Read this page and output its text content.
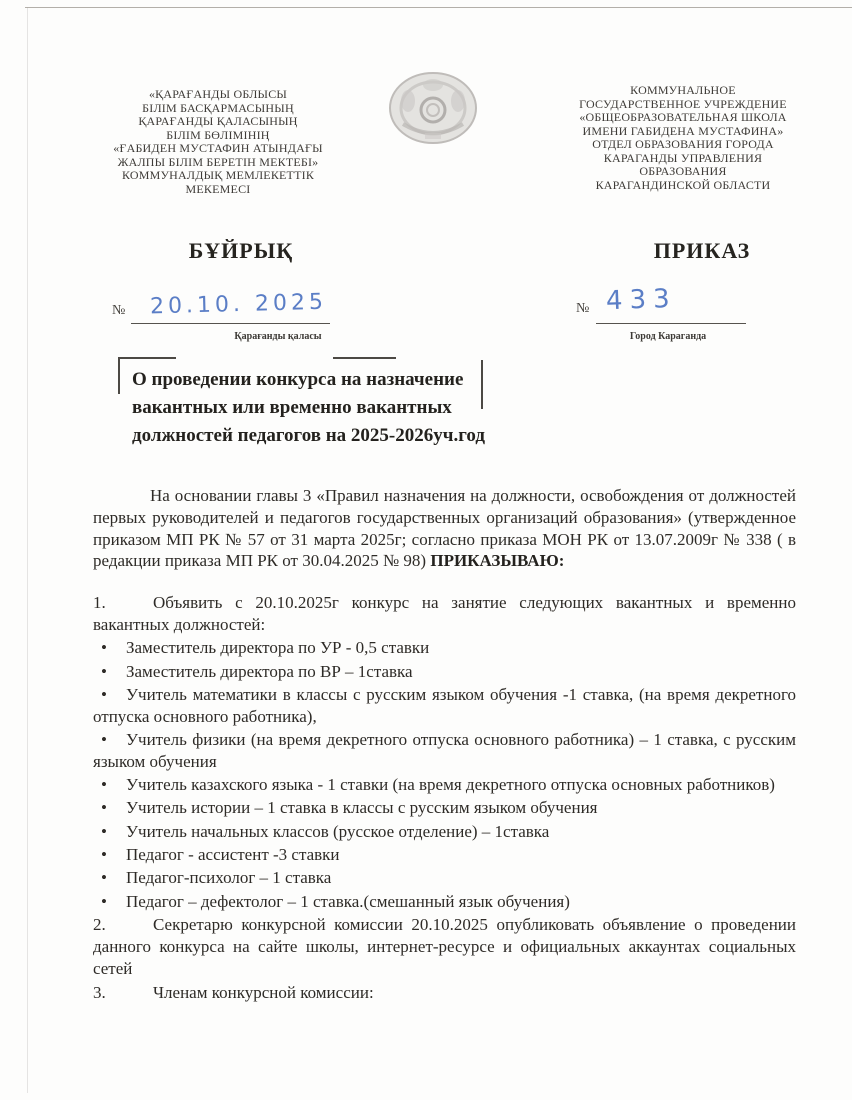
«ҚАРАҒАНДЫ ОБЛЫСЫ
БІЛІМ БАСҚАРМАСЫНЫҢ
ҚАРАҒАНДЫ ҚАЛАСЫНЫҢ
БІЛІМ БӨЛІМІНІҢ
«ҒАБИДЕН МУСТАФИН АТЫНДАҒЫ
ЖАЛПЫ БІЛІМ БЕРЕТІН МЕКТЕБІ»
КОММУНАЛДЫҚ МЕМЛЕКЕТТІК
МЕКЕМЕСІ
КОММУНАЛЬНОЕ
ГОСУДАРСТВЕННОЕ УЧРЕЖДЕНИЕ
«ОБЩЕОБРАЗОВАТЕЛЬНАЯ ШКОЛА
ИМЕНИ ГАБИДЕНА МУСТАФИНА»
ОТДЕЛ ОБРАЗОВАНИЯ ГОРОДА
КАРАГАНДЫ УПРАВЛЕНИЯ
ОБРАЗОВАНИЯ
КАРАГАНДИНСКОЙ ОБЛАСТИ
БҰЙРЫҚ	ПРИКАЗ
№ 20.10. 2025
Қарағанды қаласы
№ 433
Город Караганда
О проведении конкурса на назначение
вакантных или временно вакантных
должностей педагогов на 2025-2026уч.год

На основании главы 3 «Правил назначения на должности, освобождения от должностей первых руководителей и педагогов государственных организаций образования» (утвержденное приказом МП РК № 57 от 31 марта 2025г; согласно приказа МОН РК от 13.07.2009г № 338 ( в редакции приказа МП РК от 30.04.2025 № 98) ПРИКАЗЫВАЮ:

1.	Объявить с 20.10.2025г конкурс на занятие следующих вакантных и временно вакантных должностей:

• Заместитель директора по УР - 0,5 ставки

• Заместитель директора по ВР – 1ставка

• Учитель математики в классы с русским языком обучения -1 ставка, (на время декретного отпуска основного работника),

• Учитель физики (на время декретного отпуска основного работника) – 1 ставка, с русским языком обучения

• Учитель казахского языка - 1 ставки (на время декретного отпуска основных работников)

• Учитель истории – 1 ставка в классы с русским языком обучения

• Учитель начальных классов (русское отделение) – 1ставка

• Педагог - ассистент -3 ставки

• Педагог-психолог – 1 ставка

• Педагог – дефектолог – 1 ставка.(смешанный язык обучения)

2.	Секретарю конкурсной комиссии 20.10.2025 опубликовать объявление о проведении данного конкурса на сайте школы, интернет-ресурсе и официальных аккаунтах социальных сетей

3.	Членам конкурсной комиссии:
